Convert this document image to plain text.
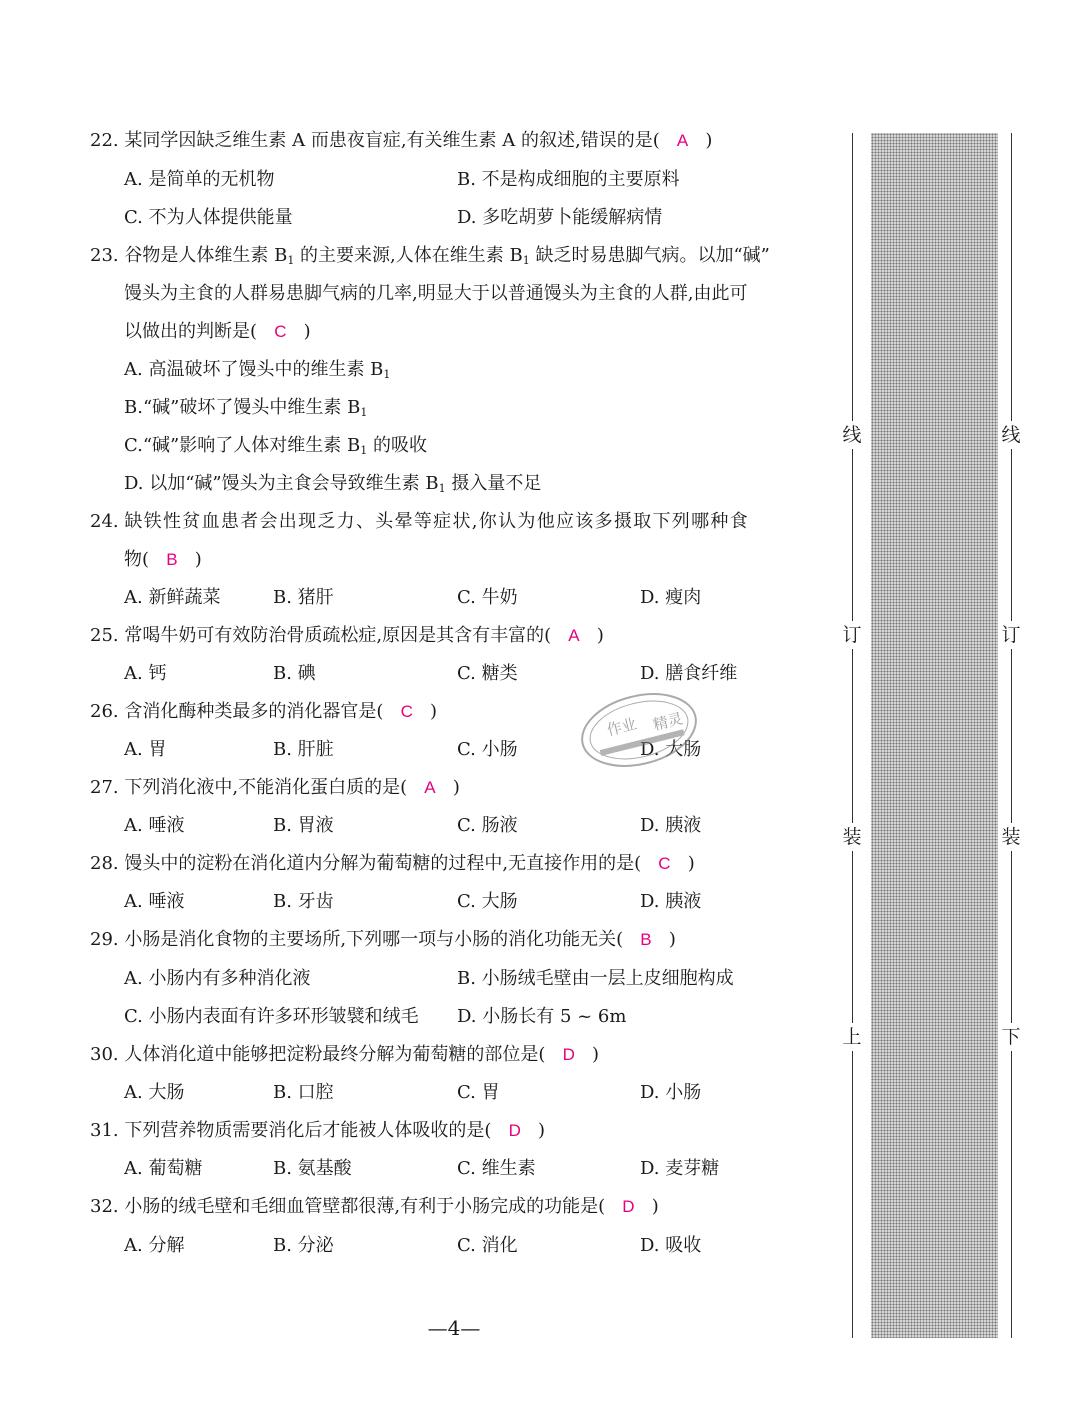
22. 某同学因缺乏维生素 A 而患夜盲症,有关维生素 A 的叙述,错误的是( A )
A. 是简单的无机物	B. 不是构成细胞的主要原料
C. 不为人体提供能量	D. 多吃胡萝卜能缓解病情
23. 谷物是人体维生素 $B_1$ 的主要来源,人体在维生素 $B_1$ 缺乏时易患脚气病。以加“碱”
馒头为主食的人群易患脚气病的几率,明显大于以普通馒头为主食的人群,由此可
以做出的判断是( C )
A. 高温破坏了馒头中的维生素 $B_1$
B.“碱”破坏了馒头中维生素 $B_1$
C.“碱”影响了人体对维生素 $B_1$ 的吸收
D. 以加“碱”馒头为主食会导致维生素 $B_1$ 摄入量不足
24. 缺铁性贫血患者会出现乏力、头晕等症状,你认为他应该多摄取下列哪种食
物( B )
A. 新鲜蔬菜	B. 猪肝	C. 牛奶	D. 瘦肉
25. 常喝牛奶可有效防治骨质疏松症,原因是其含有丰富的( A )
A. 钙	B. 碘	C. 糖类	D. 膳食纤维
26. 含消化酶种类最多的消化器官是( C )
A. 胃	B. 肝脏	C. 小肠	D. 大肠
27. 下列消化液中,不能消化蛋白质的是( A )
A. 唾液	B. 胃液	C. 肠液	D. 胰液
28. 馒头中的淀粉在消化道内分解为葡萄糖的过程中,无直接作用的是( C )
A. 唾液	B. 牙齿	C. 大肠	D. 胰液
29. 小肠是消化食物的主要场所,下列哪一项与小肠的消化功能无关( B )
A. 小肠内有多种消化液	B. 小肠绒毛壁由一层上皮细胞构成
C. 小肠内表面有许多环形皱襞和绒毛 D. 小肠长有 5 ~ 6m
30. 人体消化道中能够把淀粉最终分解为葡萄糖的部位是( D )
A. 大肠	B. 口腔	C. 胃	D. 小肠
31. 下列营养物质需要消化后才能被人体吸收的是( D )
A. 葡萄糖	B. 氨基酸	C. 维生素	D. 麦芽糖
32. 小肠的绒毛壁和毛细血管壁都很薄,有利于小肠完成的功能是( D )
A. 分解	B. 分泌	C. 消化	D. 吸收
作业 精灵
—4—
线
订
装
上
线
订
装
下
